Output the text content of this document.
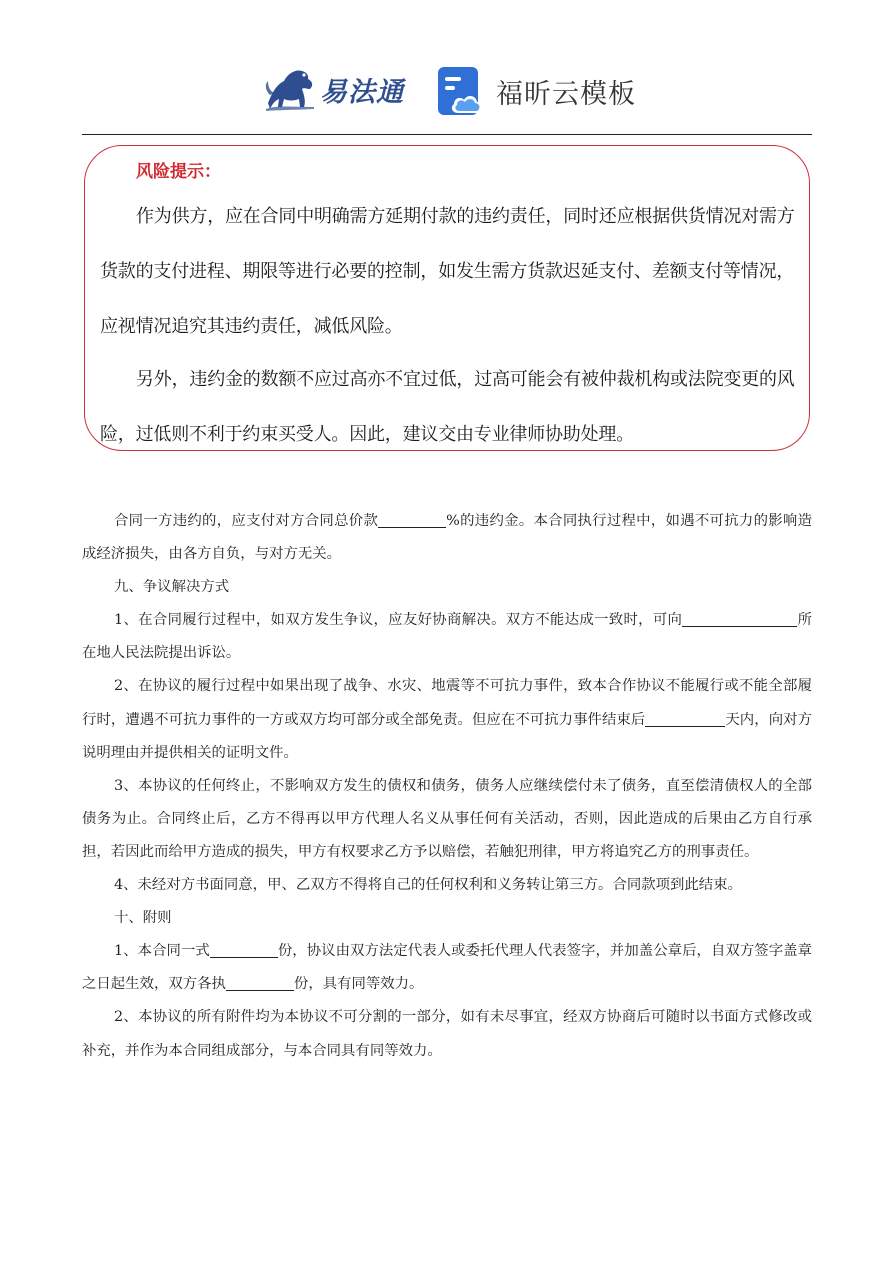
易法通	福昕云模板
风险提示：

作为供方，应在合同中明确需方延期付款的违约责任，同时还应根据供货情况对需方货款的支付进程、期限等进行必要的控制，如发生需方货款迟延支付、差额支付等情况，应视情况追究其违约责任，减低风险。

另外，违约金的数额不应过高亦不宜过低，过高可能会有被仲裁机构或法院变更的风险，过低则不利于约束买受人。因此，建议交由专业律师协助处理。

合同一方违约的，应支付对方合同总价款	%的违约金。本合同执行过程中，如遇不可抗力的影响造成经济损失，由各方自负，与对方无关。

九、争议解决方式

1、在合同履行过程中，如双方发生争议，应友好协商解决。双方不能达成一致时，可向	所在地人民法院提出诉讼。

2、在协议的履行过程中如果出现了战争、水灾、地震等不可抗力事件，致本合作协议不能履行或不能全部履行时，遭遇不可抗力事件的一方或双方均可部分或全部免责。但应在不可抗力事件结束后	天内，向对方说明理由并提供相关的证明文件。

3、本协议的任何终止，不影响双方发生的债权和债务，债务人应继续偿付未了债务，直至偿清债权人的全部债务为止。合同终止后，乙方不得再以甲方代理人名义从事任何有关活动，否则，因此造成的后果由乙方自行承担，若因此而给甲方造成的损失，甲方有权要求乙方予以赔偿，若触犯刑律，甲方将追究乙方的刑事责任。

4、未经对方书面同意，甲、乙双方不得将自己的任何权利和义务转让第三方。合同款项到此结束。

十、附则

1、本合同一式	份，协议由双方法定代表人或委托代理人代表签字，并加盖公章后，自双方签字盖章之日起生效，双方各执	份，具有同等效力。

2、本协议的所有附件均为本协议不可分割的一部分，如有未尽事宜，经双方协商后可随时以书面方式修改或补充，并作为本合同组成部分，与本合同具有同等效力。
